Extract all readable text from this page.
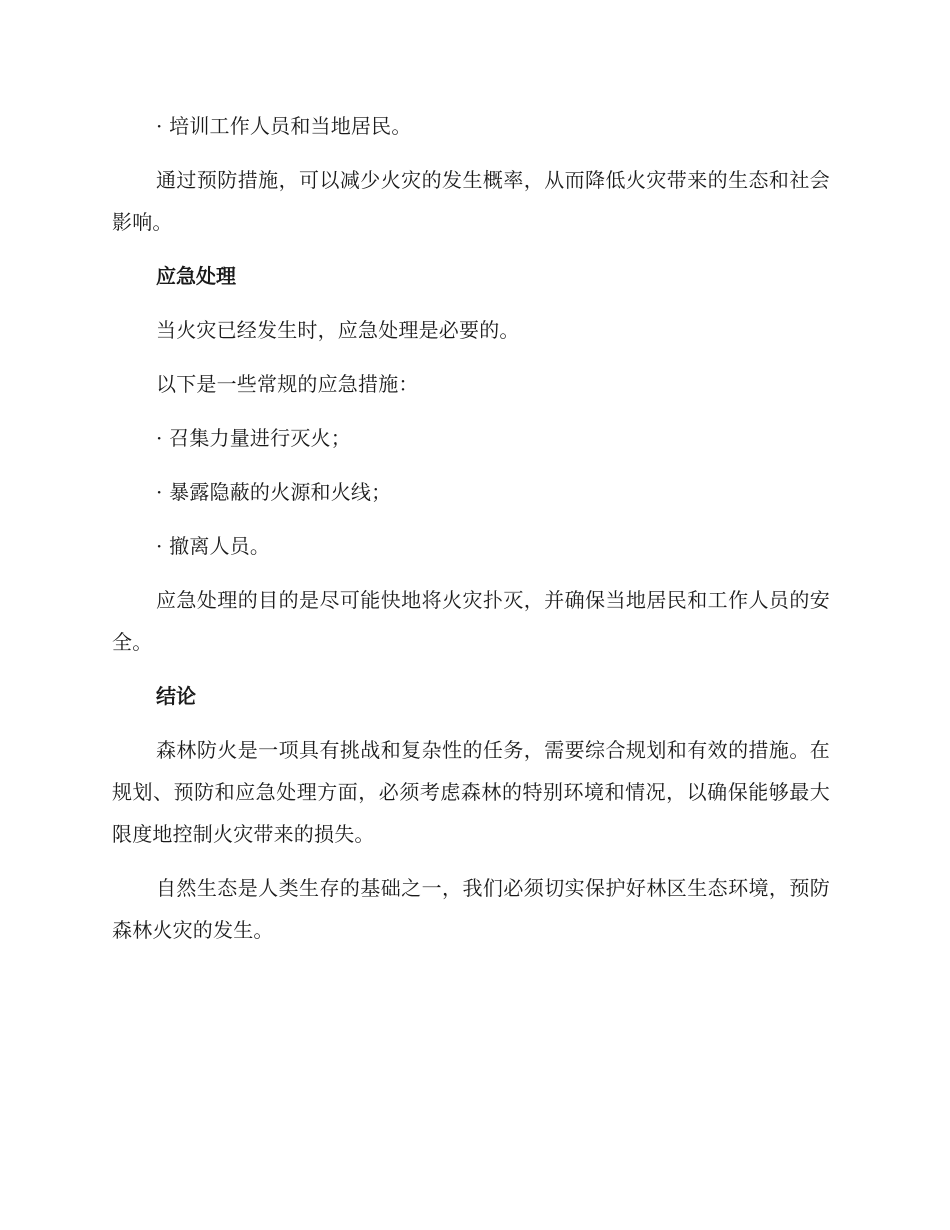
· 培训工作人员和当地居民。

通过预防措施，可以减少火灾的发生概率，从而降低火灾带来的生态和社会影响。

应急处理

当火灾已经发生时，应急处理是必要的。

以下是一些常规的应急措施：

· 召集力量进行灭火；

· 暴露隐蔽的火源和火线；

· 撤离人员。

应急处理的目的是尽可能快地将火灾扑灭，并确保当地居民和工作人员的安全。

结论

森林防火是一项具有挑战和复杂性的任务，需要综合规划和有效的措施。在规划、预防和应急处理方面，必须考虑森林的特别环境和情况，以确保能够最大限度地控制火灾带来的损失。

自然生态是人类生存的基础之一，我们必须切实保护好林区生态环境，预防森林火灾的发生。
